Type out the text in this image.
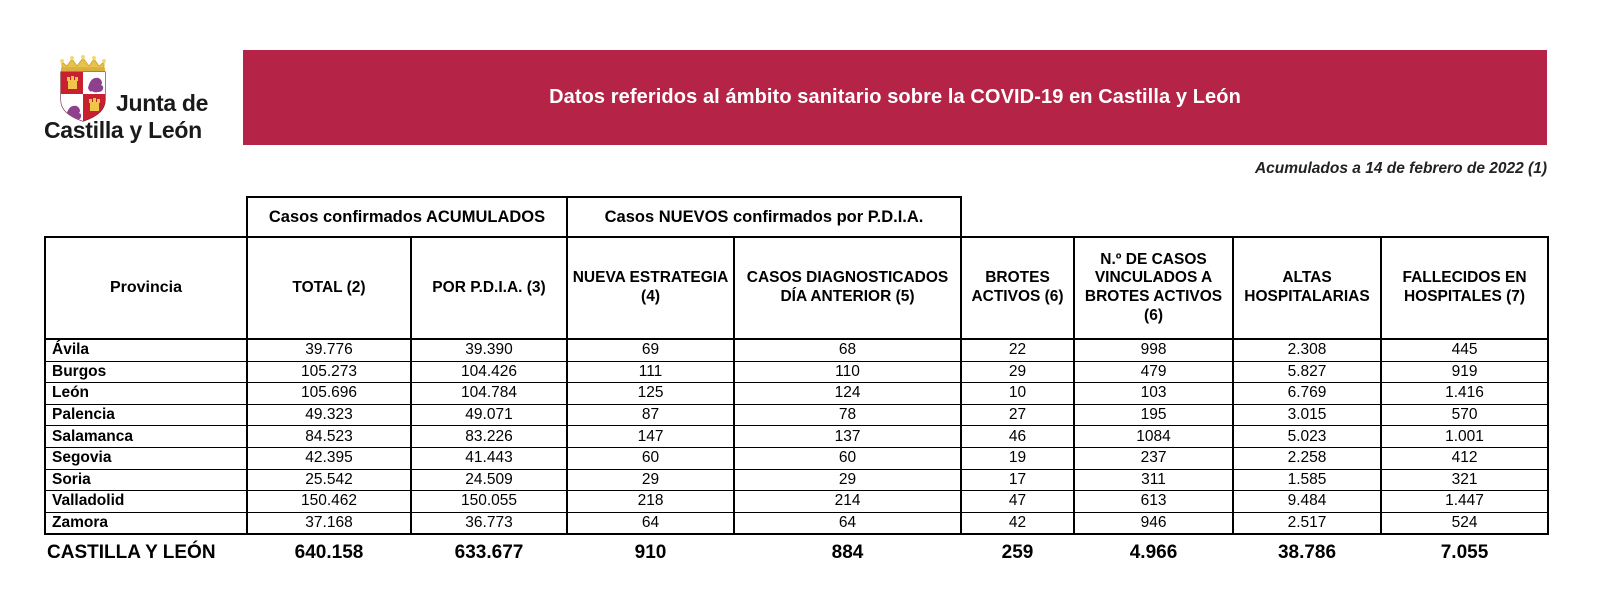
Junta de
Castilla y León
Datos referidos al ámbito sanitario sobre la COVID-19 en Castilla y León
Acumulados a 14 de febrero de 2022 (1)
	Casos confirmados ACUMULADOS		Casos NUEVOS confirmados por P.D.I.A.					
Provincia	TOTAL (2)	POR P.D.I.A. (3)	NUEVA ESTRATEGIA (4)	CASOS DIAGNOSTICADOS DÍA ANTERIOR (5)	BROTES ACTIVOS (6)	N.º DE CASOS VINCULADOS A BROTES ACTIVOS (6)	ALTAS HOSPITALARIAS	FALLECIDOS EN HOSPITALES (7)
Ávila	39.776	39.390	69	68	22	998	2.308	445
Burgos	105.273	104.426	111	110	29	479	5.827	919
León	105.696	104.784	125	124	10	103	6.769	1.416
Palencia	49.323	49.071	87	78	27	195	3.015	570
Salamanca	84.523	83.226	147	137	46	1084	5.023	1.001
Segovia	42.395	41.443	60	60	19	237	2.258	412
Soria	25.542	24.509	29	29	17	311	1.585	321
Valladolid	150.462	150.055	218	214	47	613	9.484	1.447
Zamora	37.168	36.773	64	64	42	946	2.517	524
CASTILLA Y LEÓN	640.158	633.677	910	884	259	4.966	38.786	7.055
